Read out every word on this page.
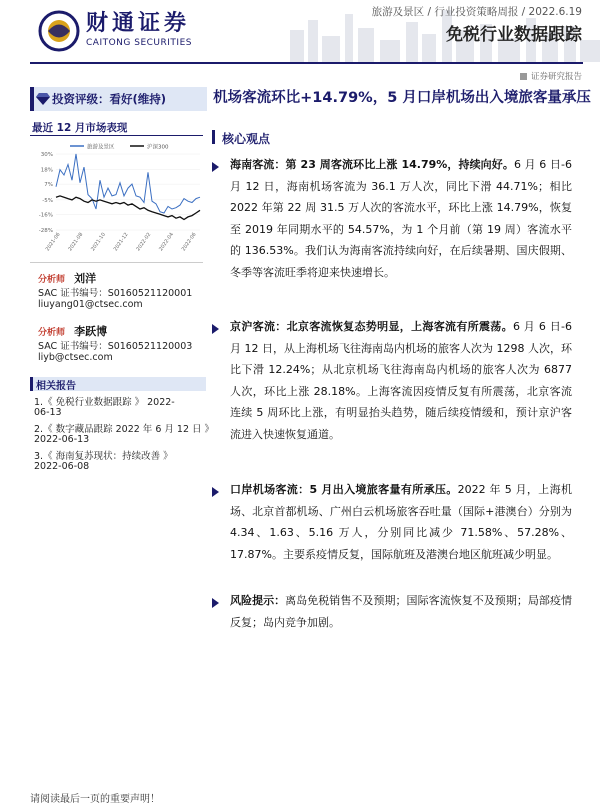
财通证券
CAITONG SECURITIES
旅游及景区 / 行业投资策略周报 / 2022.6.19
免税行业数据跟踪
证券研究报告
投资评级：看好(维持)
最近 12 月市场表现
旅游及景区	沪深300
30%
18%
7%
-5%
-16%
-28%
2021-06 2021-08 2021-10 2021-12 2022-02 2022-04 2022-06
分析师 刘洋
SAC 证书编号：S0160521120001
liuyang01@ctsec.com
分析师 李跃博
SAC 证书编号：S0160521120003
liyb@ctsec.com
相关报告
1.《 免税行业数据跟踪 》 2022-
06-13
2.《 数字藏品跟踪 2022 年 6 月 12 日 》
2022-06-13
3.《 海南复苏现状：持续改善 》
2022-06-08
机场客流环比+14.79%，5 月口岸机场出入境旅客量承压
核心观点
海南客流：第 23 周客流环比上涨 14.79%，持续向好。6 月 6 日-6 月 12 日，海南机场客流为 36.1 万人次，同比下滑 44.71%；相比 2022 年第 22 周 31.5 万人次的客流水平，环比上涨 14.79%，恢复至 2019 年同期水平的 54.57%，为 1 个月前（第 19 周）客流水平的 136.53%。我们认为海南客流持续向好，在后续暑期、国庆假期、冬季等客流旺季将迎来快速增长。
京沪客流：北京客流恢复态势明显，上海客流有所震荡。6 月 6 日-6 月 12 日，从上海机场飞往海南岛内机场的旅客人次为 1298 人次，环比下滑 12.24%；从北京机场飞往海南岛内机场的旅客人次为 6877 人次，环比上涨 28.18%。上海客流因疫情反复有所震荡，北京客流连续 5 周环比上涨，有明显抬头趋势，随后续疫情缓和，预计京沪客流进入快速恢复通道。
口岸机场客流：5 月出入境旅客量有所承压。2022 年 5 月，上海机场、北京首都机场、广州白云机场旅客吞吐量（国际+港澳台）分别为 4.34、1.63、5.16 万人，分别同比减少 71.58%、57.28%、17.87%。主要系疫情反复，国际航班及港澳台地区航班减少明显。
风险提示：离岛免税销售不及预期；国际客流恢复不及预期；局部疫情反复；岛内竞争加剧。
请阅读最后一页的重要声明！
